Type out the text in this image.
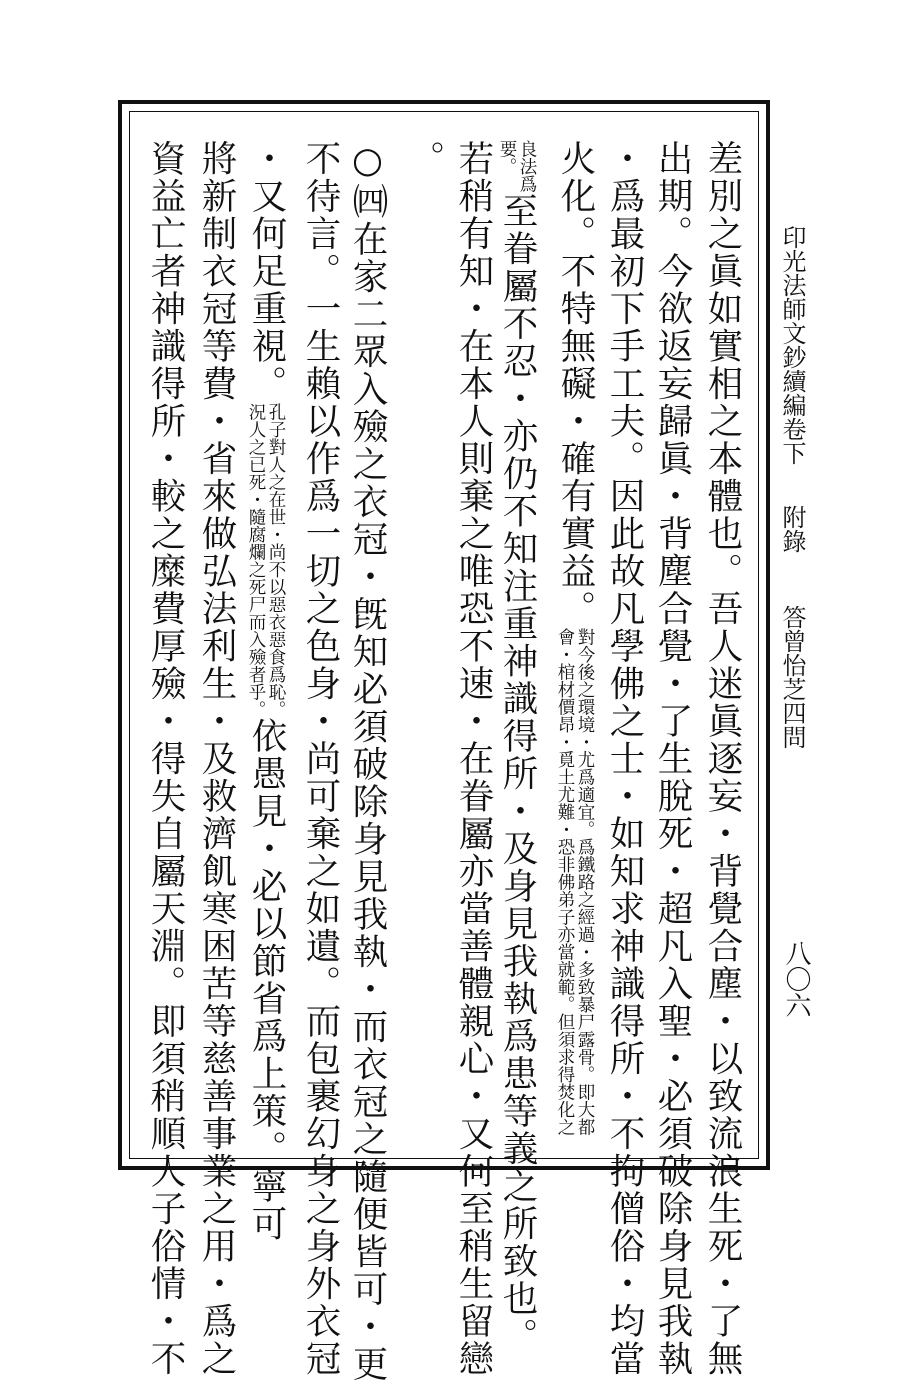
印光法師文鈔續編卷下
附錄
答曾怡芝四問
八〇六
差別之眞如實相之本體也。吾人迷眞逐妄・背覺合塵・以致流浪生死・了無
出期。今欲返妄歸眞・背塵合覺・了生脫死・超凡入聖・必須破除身見我執
・爲最初下手工夫。因此故凡學佛之士・如知求神識得所・不拘僧俗・均當
火化。不特無礙・確有實益。
對今後之環境・尤爲適宜。爲鐵路之經過・多致暴尸露骨。即大都
會・棺材價昂・覓土尤難・恐非佛弟子亦當就範。但須求得焚化之
良法爲
要。
至眷屬不忍・亦仍不知注重神識得所・及身見我執爲患等義之所致也。
若稍有知・在本人則棄之唯恐不速・在眷屬亦當善體親心・又何至稍生留戀
。
○㈣在家二眾入殮之衣冠・旣知必須破除身見我執・而衣冠之隨便皆可・更
不待言。一生賴以作爲一切之色身・尚可棄之如遺。而包裹幻身之身外衣冠
・又何足重視。
孔子對人之在世・尚不以惡衣惡食爲恥。
況人之已死・隨腐爛之死尸而入殮者乎。
依愚見・必以節省爲上策。寧可
將新制衣冠等費・省來做弘法利生・及救濟飢寒困苦等慈善事業之用・爲之
資益亡者神識得所・較之糜費厚殮・得失自屬天淵。即須稍順人子俗情・不
